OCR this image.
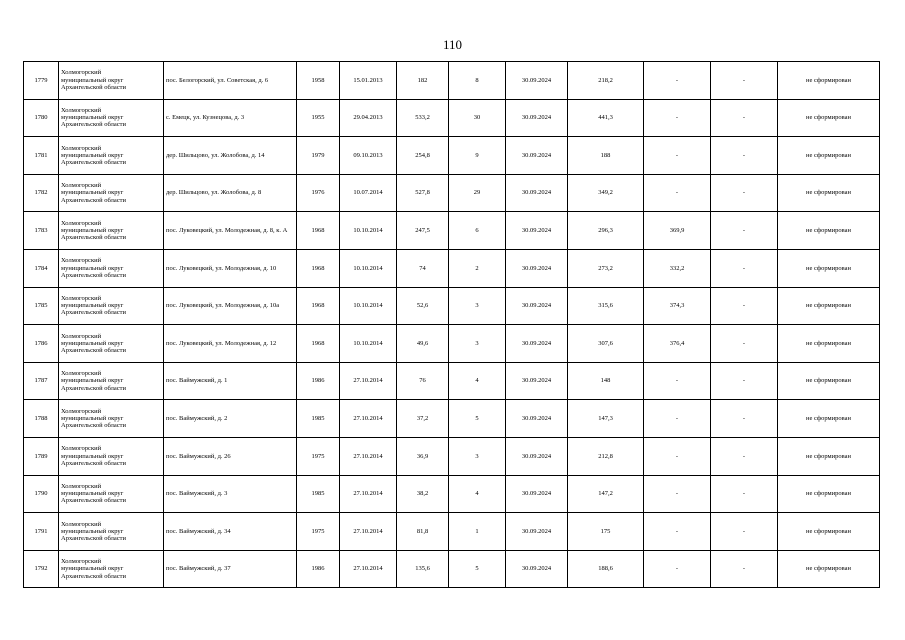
110
1779	Холмогорский
муниципальный округ
Архангельской области	пос. Белогорский, ул. Советская, д. 6	1958	15.01.2013	182	8	30.09.2024	218,2	-	-	не сформирован
1780	Холмогорский
муниципальный округ
Архангельской области	с. Емецк, ул. Кузнецова, д. 3	1955	29.04.2013	533,2	30	30.09.2024	441,3	-	-	не сформирован
1781	Холмогорский
муниципальный округ
Архангельской области	дер. Шильцово, ул. Жолобова, д. 14	1979	09.10.2013	254,8	9	30.09.2024	188	-	-	не сформирован
1782	Холмогорский
муниципальный округ
Архангельской области	дер. Шильцово, ул. Жолобова, д. 8	1976	10.07.2014	527,8	29	30.09.2024	349,2	-	-	не сформирован
1783	Холмогорский
муниципальный округ
Архангельской области	пос. Луковецкий, ул. Молодежная, д. 8, к. А	1968	10.10.2014	247,5	6	30.09.2024	296,3	369,9	-	не сформирован
1784	Холмогорский
муниципальный округ
Архангельской области	пос. Луковецкий, ул. Молодежная, д. 10	1968	10.10.2014	74	2	30.09.2024	273,2	332,2	-	не сформирован
1785	Холмогорский
муниципальный округ
Архангельской области	пос. Луковецкий, ул. Молодежная, д. 10а	1968	10.10.2014	52,6	3	30.09.2024	315,6	374,3	-	не сформирован
1786	Холмогорский
муниципальный округ
Архангельской области	пос. Луковецкий, ул. Молодежная, д. 12	1968	10.10.2014	49,6	3	30.09.2024	307,6	376,4	-	не сформирован
1787	Холмогорский
муниципальный округ
Архангельской области	пос. Ваймужский, д. 1	1986	27.10.2014	76	4	30.09.2024	148	-	-	не сформирован
1788	Холмогорский
муниципальный округ
Архангельской области	пос. Ваймужский, д. 2	1985	27.10.2014	37,2	5	30.09.2024	147,3	-	-	не сформирован
1789	Холмогорский
муниципальный округ
Архангельской области	пос. Ваймужский, д. 26	1975	27.10.2014	36,9	3	30.09.2024	212,8	-	-	не сформирован
1790	Холмогорский
муниципальный округ
Архангельской области	пос. Ваймужский, д. 3	1985	27.10.2014	38,2	4	30.09.2024	147,2	-	-	не сформирован
1791	Холмогорский
муниципальный округ
Архангельской области	пос. Ваймужский, д. 34	1975	27.10.2014	81,8	1	30.09.2024	175	-	-	не сформирован
1792	Холмогорский
муниципальный округ
Архангельской области	пос. Ваймужский, д. 37	1986	27.10.2014	135,6	5	30.09.2024	188,6	-	-	не сформирован
